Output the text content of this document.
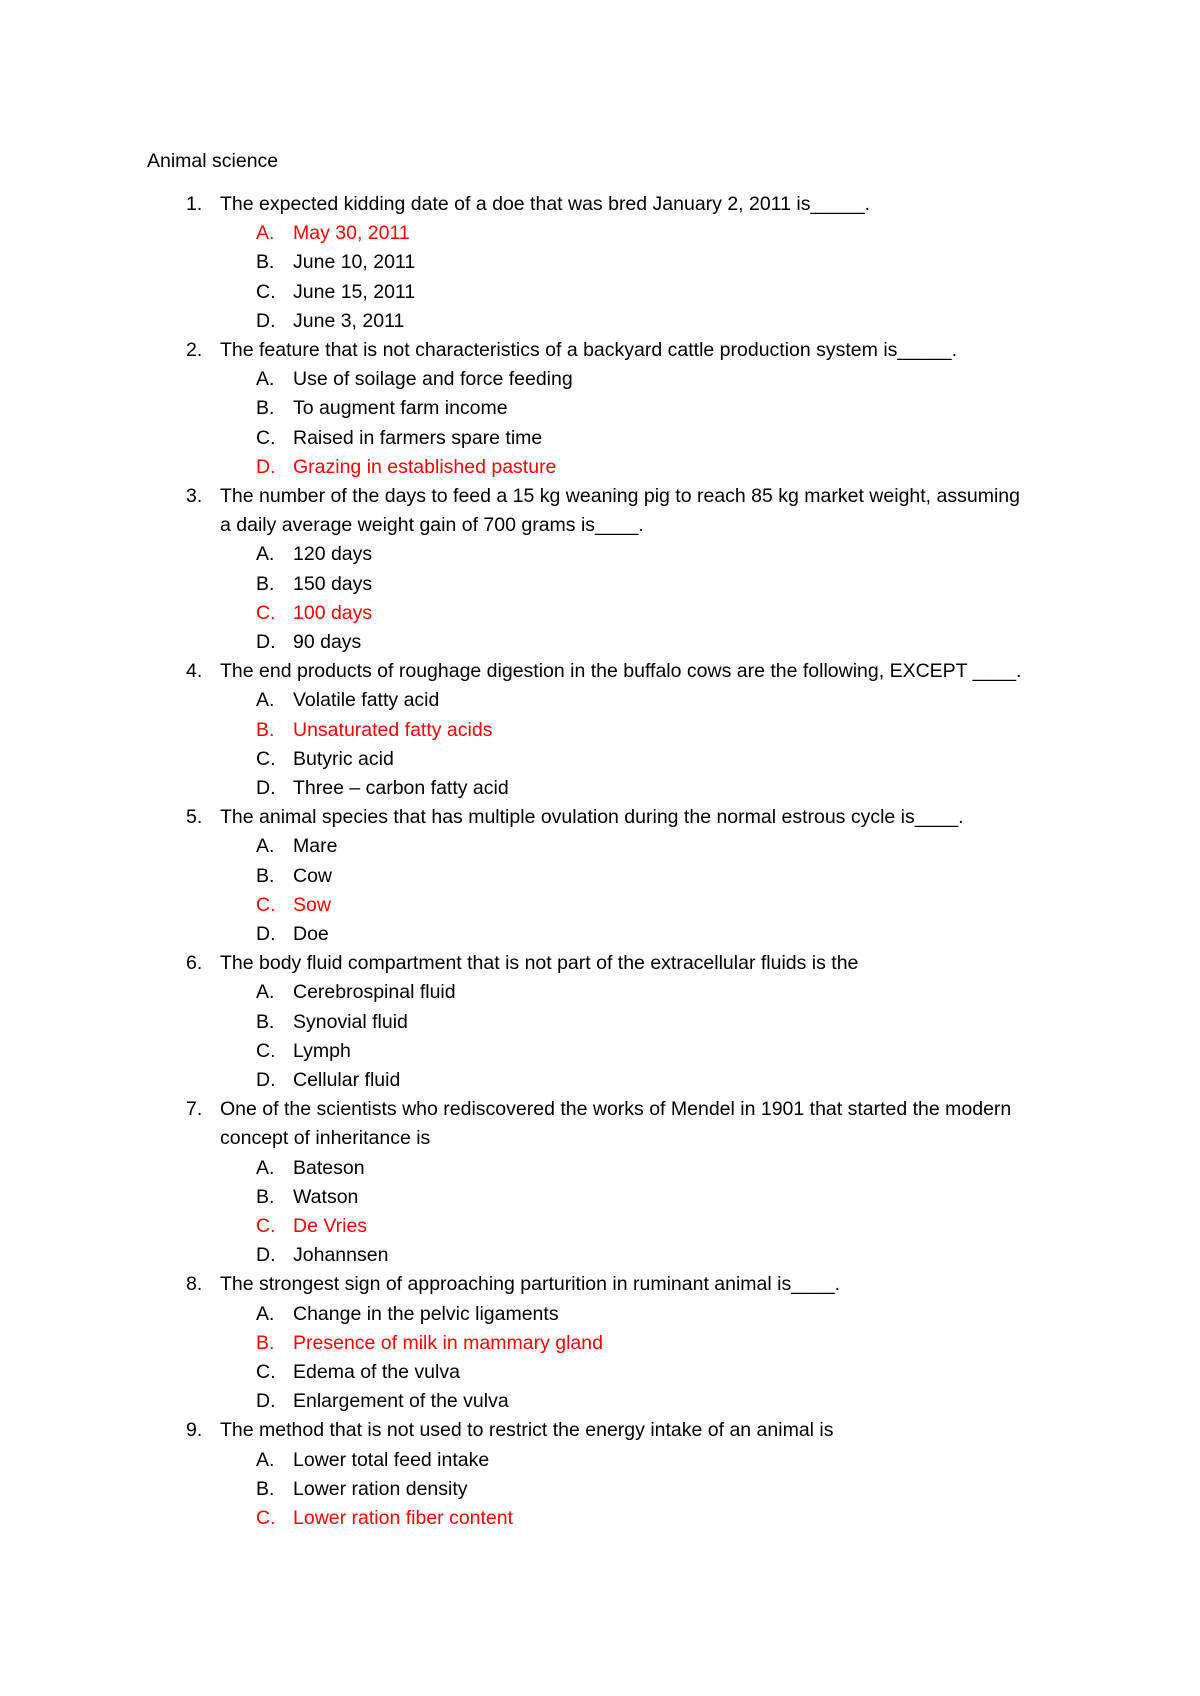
Animal science
1. The expected kidding date of a doe that was bred January 2, 2011 is_____.
A. May 30, 2011
B. June 10, 2011
C. June 15, 2011
D. June 3, 2011
2. The feature that is not characteristics of a backyard cattle production system is_____.
A. Use of soilage and force feeding
B. To augment farm income
C. Raised in farmers spare time
D. Grazing in established pasture
3. The number of the days to feed a 15 kg weaning pig to reach 85 kg market weight, assuming
a daily average weight gain of 700 grams is____.
A. 120 days
B. 150 days
C. 100 days
D. 90 days
4. The end products of roughage digestion in the buffalo cows are the following, EXCEPT ____.
A. Volatile fatty acid
B. Unsaturated fatty acids
C. Butyric acid
D. Three – carbon fatty acid
5. The animal species that has multiple ovulation during the normal estrous cycle is____.
A. Mare
B. Cow
C. Sow
D. Doe
6. The body fluid compartment that is not part of the extracellular fluids is the
A. Cerebrospinal fluid
B. Synovial fluid
C. Lymph
D. Cellular fluid
7. One of the scientists who rediscovered the works of Mendel in 1901 that started the modern
concept of inheritance is
A. Bateson
B. Watson
C. De Vries
D. Johannsen
8. The strongest sign of approaching parturition in ruminant animal is____.
A. Change in the pelvic ligaments
B. Presence of milk in mammary gland
C. Edema of the vulva
D. Enlargement of the vulva
9. The method that is not used to restrict the energy intake of an animal is
A. Lower total feed intake
B. Lower ration density
C. Lower ration fiber content
